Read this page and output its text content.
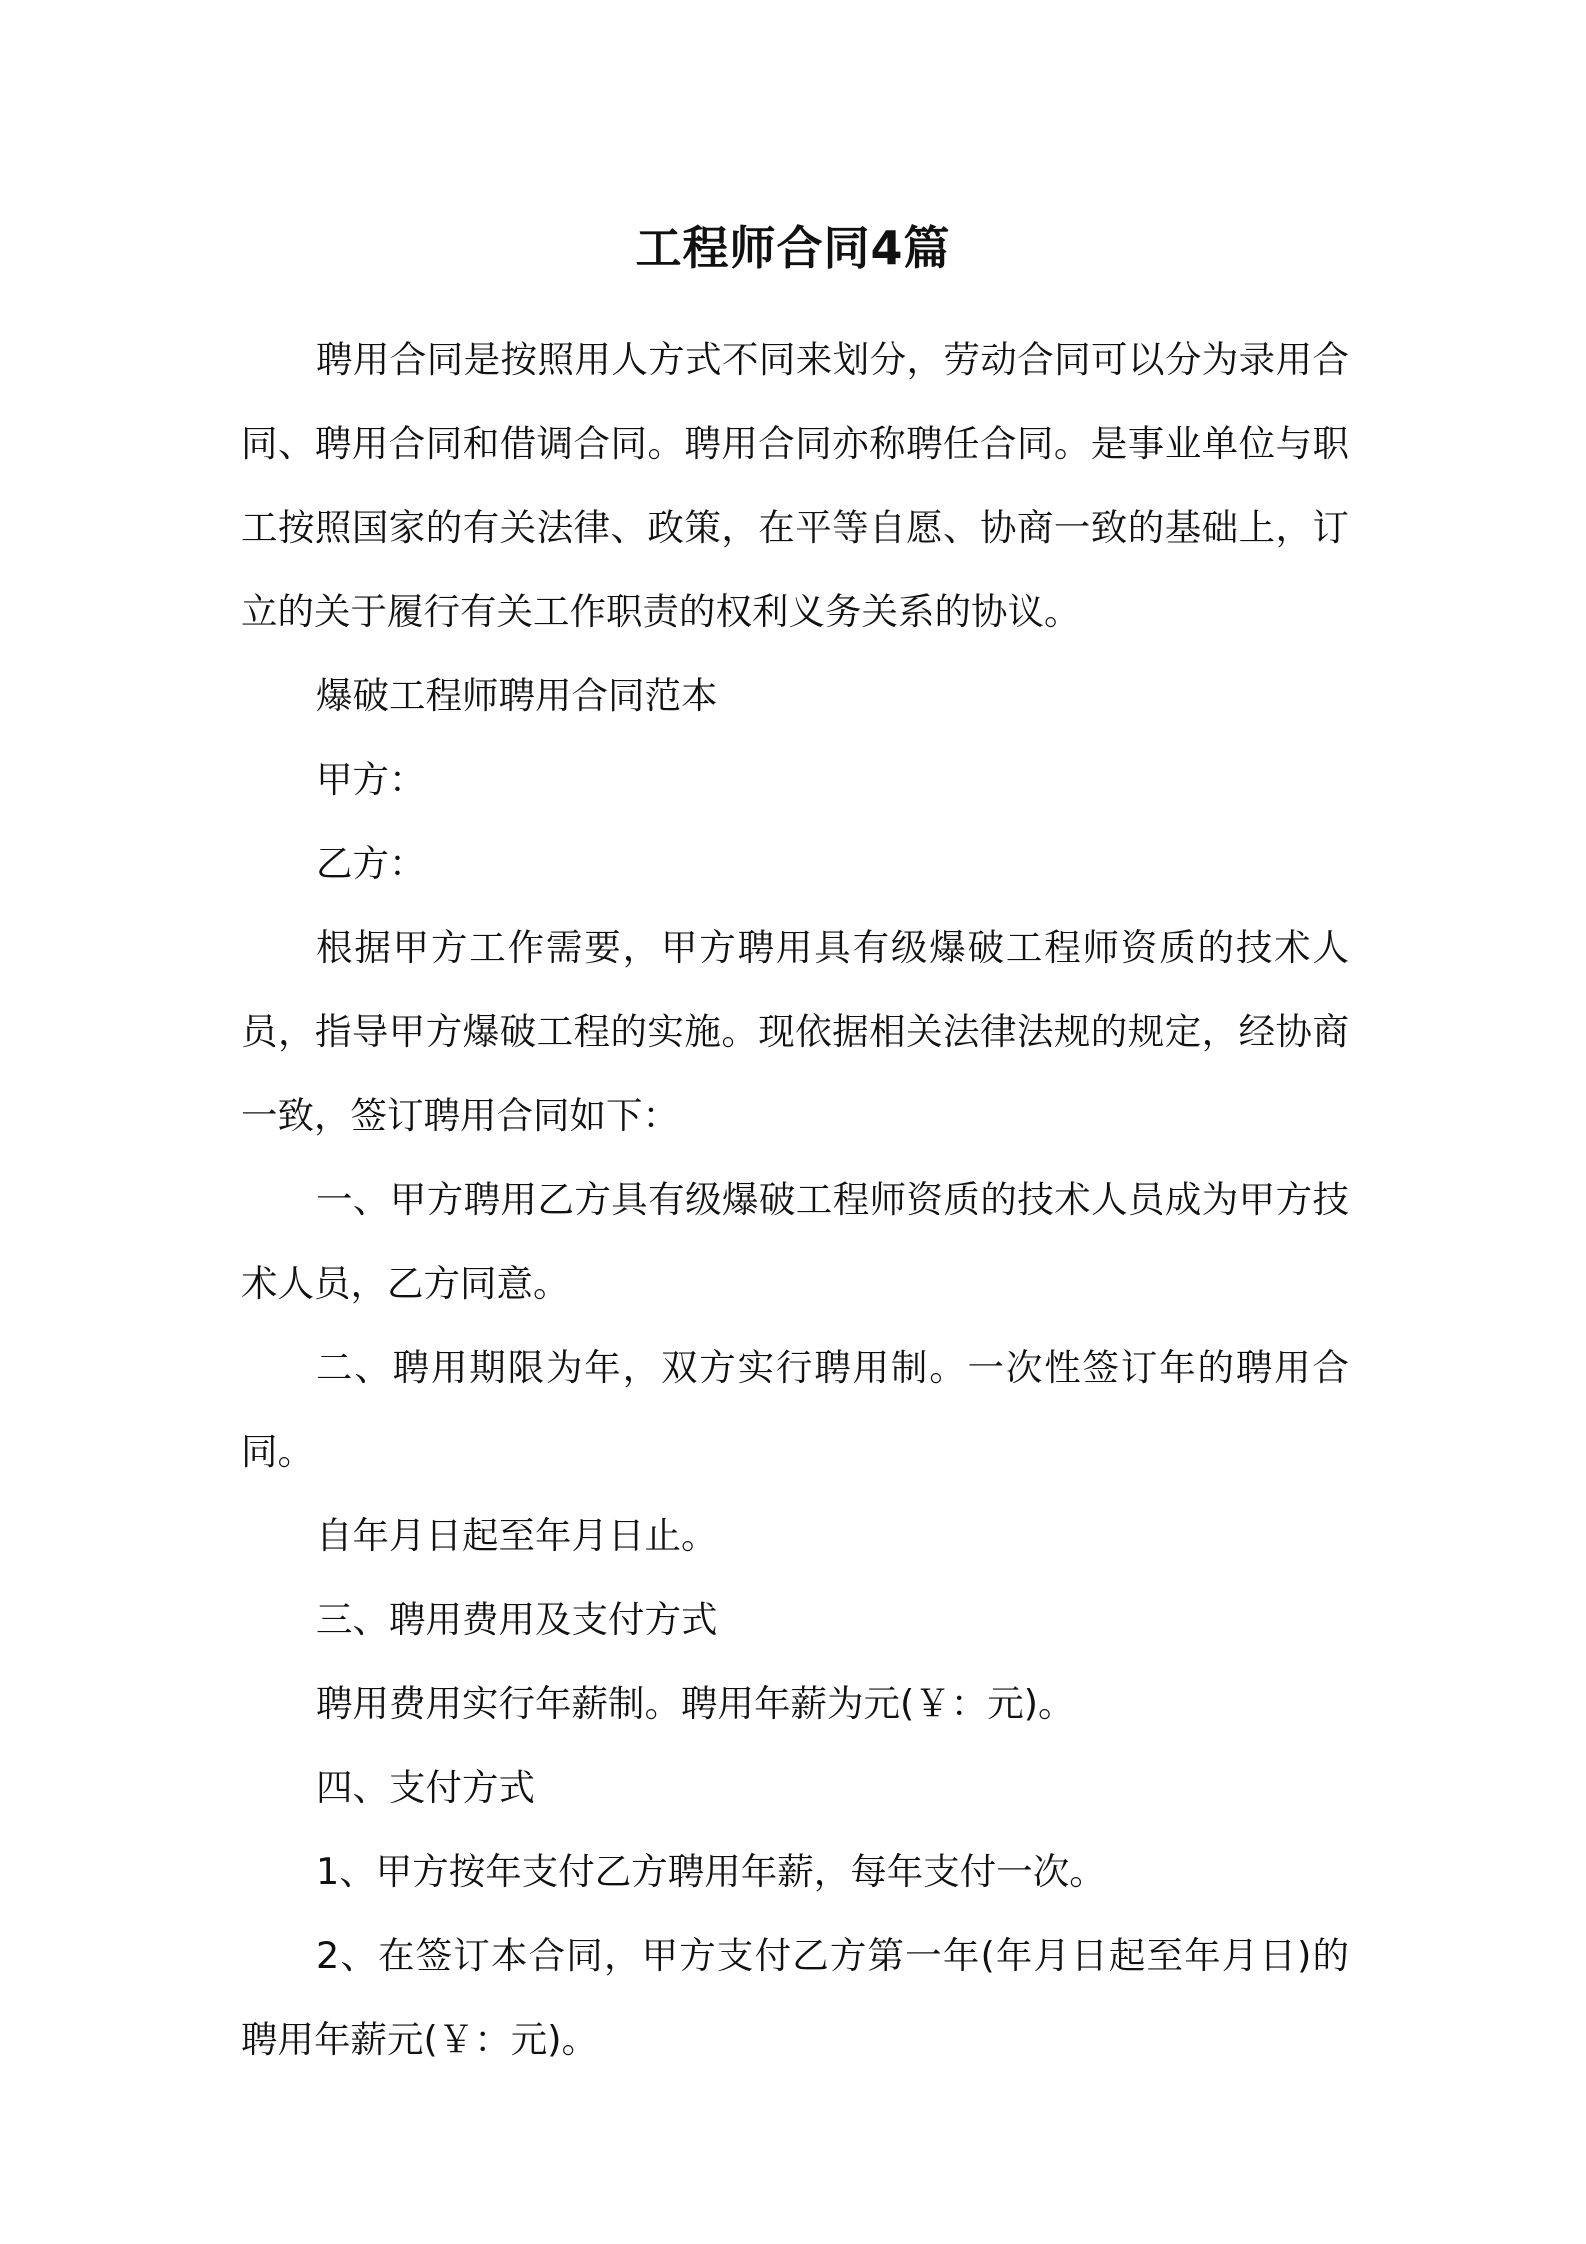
工程师合同4篇

聘用合同是按照用人方式不同来划分，劳动合同可以分为录用合同、聘用合同和借调合同。聘用合同亦称聘任合同。是事业单位与职工按照国家的有关法律、政策，在平等自愿、协商一致的基础上，订立的关于履行有关工作职责的权利义务关系的协议。

爆破工程师聘用合同范本

甲方：

乙方：

根据甲方工作需要，甲方聘用具有级爆破工程师资质的技术人员，指导甲方爆破工程的实施。现依据相关法律法规的规定，经协商一致，签订聘用合同如下：

一、甲方聘用乙方具有级爆破工程师资质的技术人员成为甲方技术人员，乙方同意。

二、聘用期限为年，双方实行聘用制。一次性签订年的聘用合同。

自年月日起至年月日止。

三、聘用费用及支付方式

聘用费用实行年薪制。聘用年薪为元(￥：元)。

四、支付方式

1、甲方按年支付乙方聘用年薪，每年支付一次。

2、在签订本合同，甲方支付乙方第一年(年月日起至年月日)的聘用年薪元(￥：元)。
